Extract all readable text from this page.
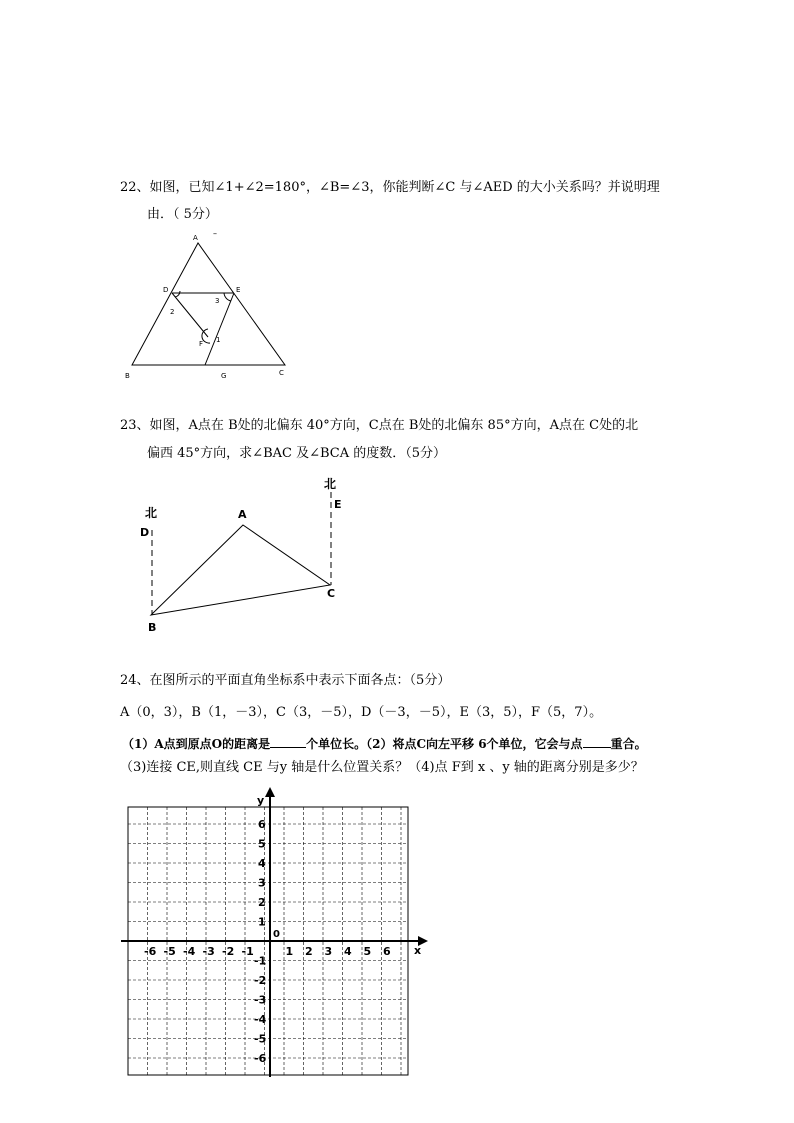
22、如图，已知∠1+∠2=180°，∠B=∠3，你能判断∠C 与∠AED 的大小关系吗？并说明理
由．（ 5分）
A –
D	E
2
3
1
F
B	G	C
23、如图，A点在 B处的北偏东 40°方向，C点在 B处的北偏东 85°方向，A点在 C处的北
偏西 45°方向，求∠BAC 及∠BCA 的度数．（5分）
北
D
北
E
A
C
B
24、在图所示的平面直角坐标系中表示下面各点：（5分）
A（0，3），B（1，－3），C（3，－5），D（－3，－5），E（3，5），F（5，7）。
（1）A点到原点O的距离是	个单位长。（2）将点C向左平移 6个单位，它会与点 重合。
（3)连接 CE,则直线 CE 与y 轴是什么位置关系？（4)点 F到 x 、y 轴的距离分别是多少？
x
y
0
-6 -5 -4 -3 -2 -1	1 2 3 4 5 6
6
5
4
3
2
1
-1
-2
-3
-4
-5
-6
